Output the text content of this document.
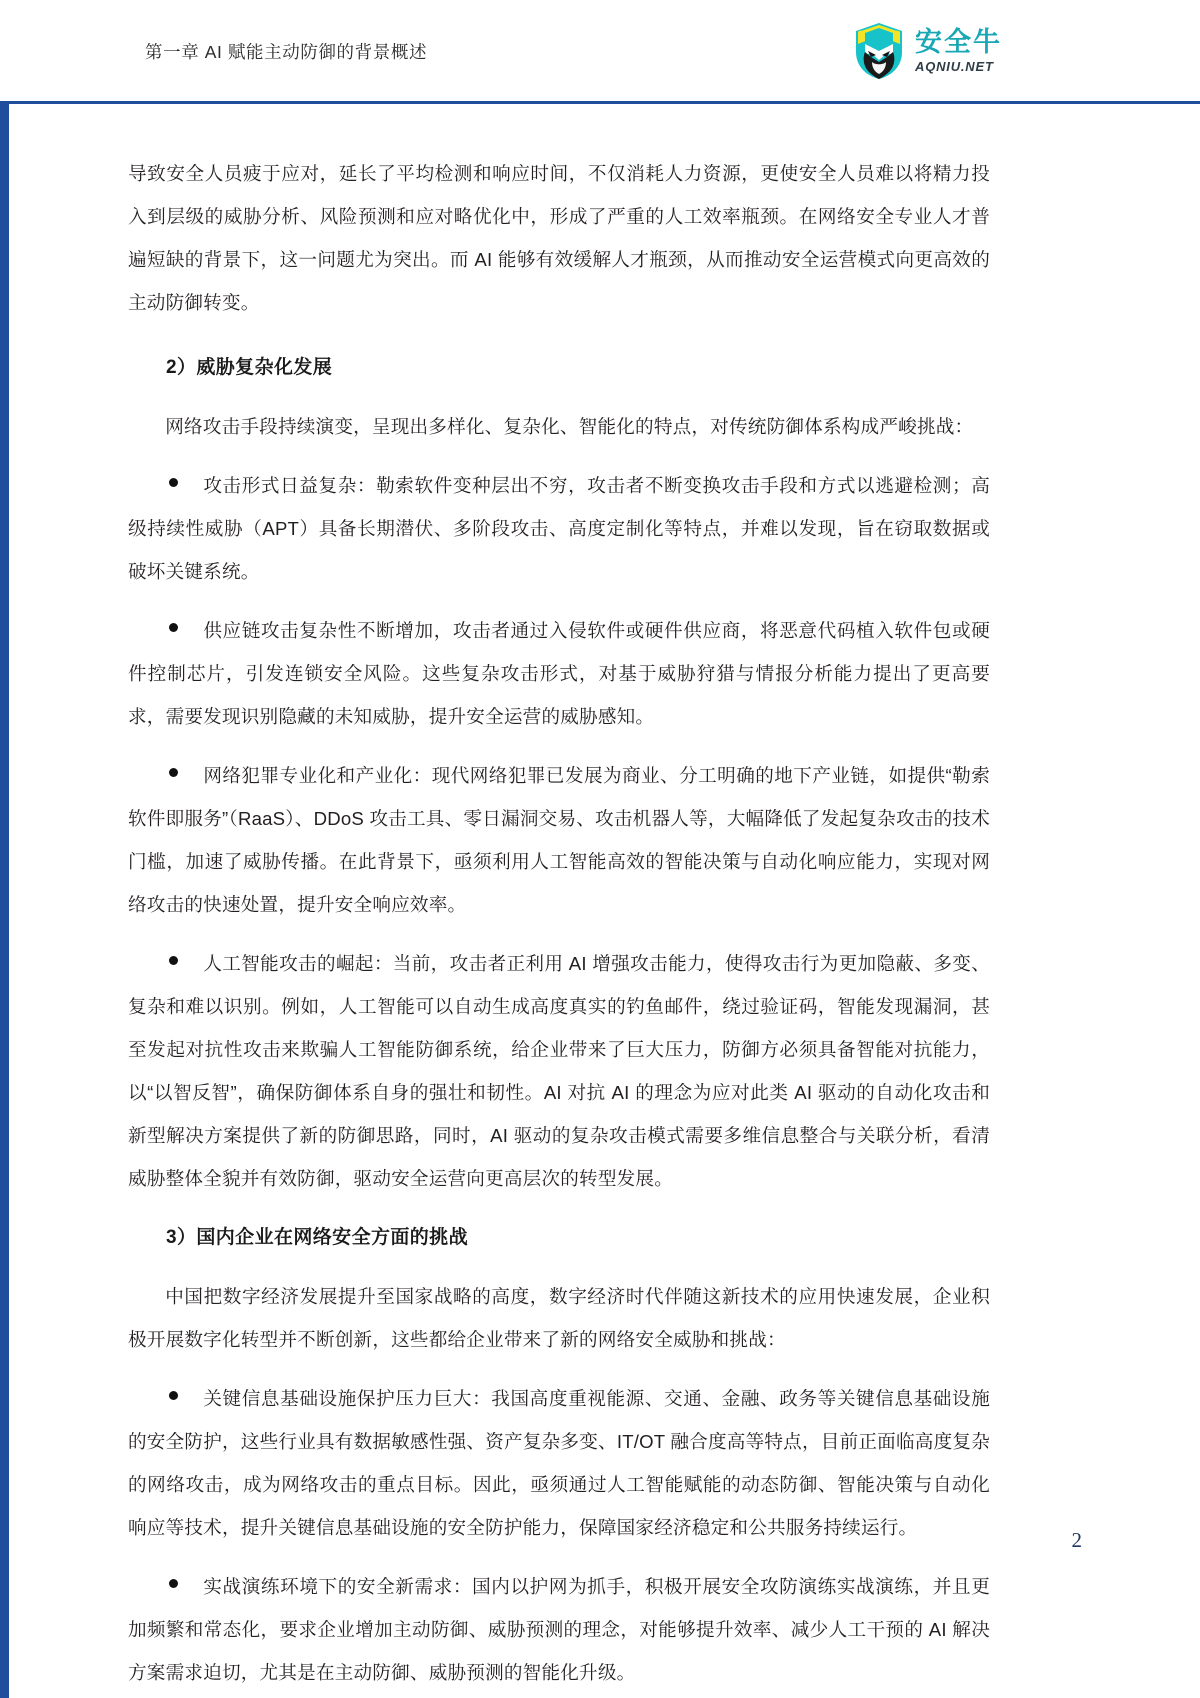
第一章 AI 赋能主动防御的背景概述	安全牛
AQNIU.NET

导致安全人员疲于应对，延长了平均检测和响应时间，不仅消耗人力资源，更使安全人员难以将精力投入到层级的威胁分析、风险预测和应对略优化中，形成了严重的人工效率瓶颈。在网络安全专业人才普遍短缺的背景下，这一问题尤为突出。而 AI 能够有效缓解人才瓶颈，从而推动安全运营模式向更高效的主动防御转变。

2）威胁复杂化发展

网络攻击手段持续演变，呈现出多样化、复杂化、智能化的特点，对传统防御体系构成严峻挑战：

攻击形式日益复杂：勒索软件变种层出不穷，攻击者不断变换攻击手段和方式以逃避检测；高级持续性威胁（APT）具备长期潜伏、多阶段攻击、高度定制化等特点，并难以发现，旨在窃取数据或破坏关键系统。

供应链攻击复杂性不断增加，攻击者通过入侵软件或硬件供应商，将恶意代码植入软件包或硬件控制芯片，引发连锁安全风险。这些复杂攻击形式，对基于威胁狩猎与情报分析能力提出了更高要求，需要发现识别隐藏的未知威胁，提升安全运营的威胁感知。

网络犯罪专业化和产业化：现代网络犯罪已发展为商业、分工明确的地下产业链，如提供“勒索软件即服务”（RaaS）、DDoS 攻击工具、零日漏洞交易、攻击机器人等，大幅降低了发起复杂攻击的技术门槛，加速了威胁传播。在此背景下，亟须利用人工智能高效的智能决策与自动化响应能力，实现对网络攻击的快速处置，提升安全响应效率。

人工智能攻击的崛起：当前，攻击者正利用 AI 增强攻击能力，使得攻击行为更加隐蔽、多变、复杂和难以识别。例如，人工智能可以自动生成高度真实的钓鱼邮件，绕过验证码，智能发现漏洞，甚至发起对抗性攻击来欺骗人工智能防御系统，给企业带来了巨大压力，防御方必须具备智能对抗能力，以“以智反智”，确保防御体系自身的强壮和韧性。AI 对抗 AI 的理念为应对此类 AI 驱动的自动化攻击和新型解决方案提供了新的防御思路，同时，AI 驱动的复杂攻击模式需要多维信息整合与关联分析，看清威胁整体全貌并有效防御，驱动安全运营向更高层次的转型发展。

3）国内企业在网络安全方面的挑战

中国把数字经济发展提升至国家战略的高度，数字经济时代伴随这新技术的应用快速发展，企业积极开展数字化转型并不断创新，这些都给企业带来了新的网络安全威胁和挑战：

关键信息基础设施保护压力巨大：我国高度重视能源、交通、金融、政务等关键信息基础设施的安全防护，这些行业具有数据敏感性强、资产复杂多变、IT/OT 融合度高等特点，目前正面临高度复杂的网络攻击，成为网络攻击的重点目标。因此，亟须通过人工智能赋能的动态防御、智能决策与自动化响应等技术，提升关键信息基础设施的安全防护能力，保障国家经济稳定和公共服务持续运行。

实战演练环境下的安全新需求：国内以护网为抓手，积极开展安全攻防演练实战演练，并且更加频繁和常态化，要求企业增加主动防御、威胁预测的理念，对能够提升效率、减少人工干预的 AI 解决方案需求迫切，尤其是在主动防御、威胁预测的智能化升级。

2
